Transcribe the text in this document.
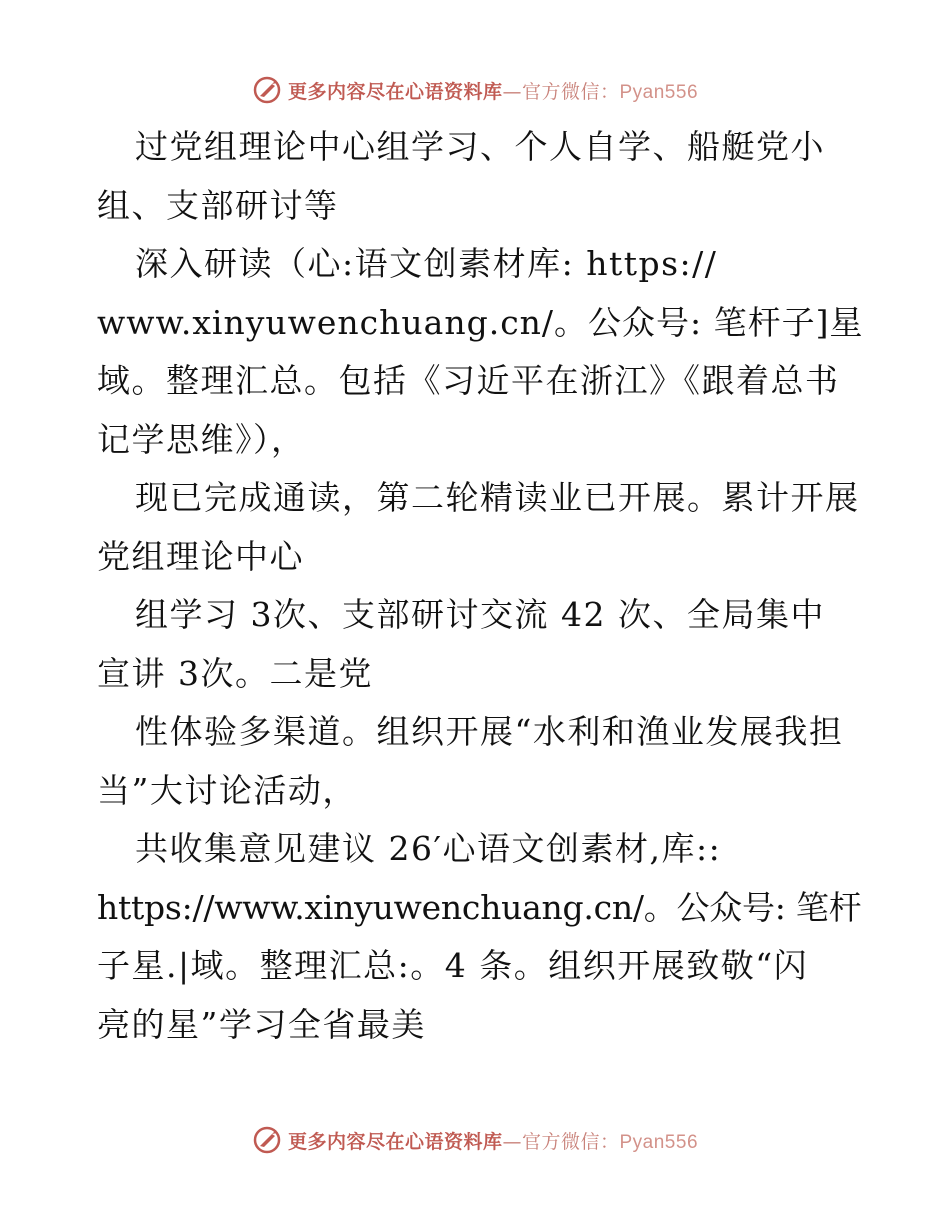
更多内容尽在心语资料库—官方微信：Pyan556
过党组理论中心组学习、个人自学、船艇党小
组、支部研讨等
深入研读（心:语文创素材库: https://
www.xinyuwenchuang.cn/。公众号: 笔杆子]星
域。整理汇总。包括《习近平在浙江》《跟着总书
记学思维》），
现已完成通读，第二轮精读业已开展。累计开展
党组理论中心
组学习 3次、支部研讨交流 42 次、全局集中
宣讲 3次。二是党
性体验多渠道。组织开展“水利和渔业发展我担
当”大讨论活动，
共收集意见建议 26′心语文创素材,库::
https://www.xinyuwenchuang.cn/。公众号: 笔杆
子星.|域。整理汇总:。4 条。组织开展致敬“闪
亮的星”学习全省最美
更多内容尽在心语资料库—官方微信：Pyan556
